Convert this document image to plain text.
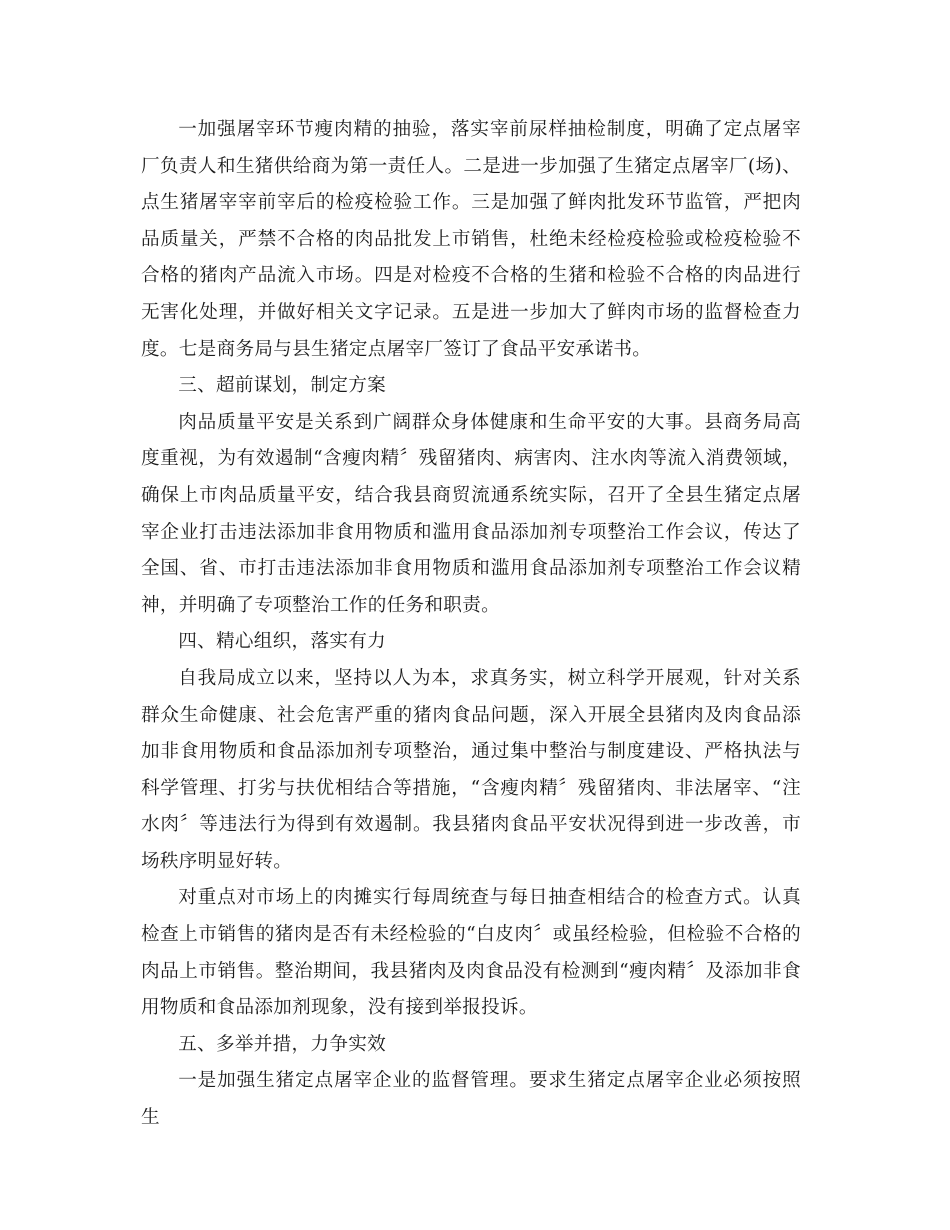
一加强屠宰环节瘦肉精的抽验，落实宰前尿样抽检制度，明确了定点屠宰厂负责人和生猪供给商为第一责任人。二是进一步加强了生猪定点屠宰厂(场)、点生猪屠宰宰前宰后的检疫检验工作。三是加强了鲜肉批发环节监管，严把肉品质量关，严禁不合格的肉品批发上市销售，杜绝未经检疫检验或检疫检验不合格的猪肉产品流入市场。四是对检疫不合格的生猪和检验不合格的肉品进行无害化处理，并做好相关文字记录。五是进一步加大了鲜肉市场的监督检查力度。七是商务局与县生猪定点屠宰厂签订了食品平安承诺书。

三、超前谋划，制定方案

肉品质量平安是关系到广阔群众身体健康和生命平安的大事。县商务局高度重视，为有效遏制“含瘦肉精〞残留猪肉、病害肉、注水肉等流入消费领域，确保上市肉品质量平安，结合我县商贸流通系统实际，召开了全县生猪定点屠宰企业打击违法添加非食用物质和滥用食品添加剂专项整治工作会议，传达了全国、省、市打击违法添加非食用物质和滥用食品添加剂专项整治工作会议精神，并明确了专项整治工作的任务和职责。

四、精心组织，落实有力

自我局成立以来，坚持以人为本，求真务实，树立科学开展观，针对关系群众生命健康、社会危害严重的猪肉食品问题，深入开展全县猪肉及肉食品添加非食用物质和食品添加剂专项整治，通过集中整治与制度建设、严格执法与科学管理、打劣与扶优相结合等措施，“含瘦肉精〞残留猪肉、非法屠宰、“注水肉〞等违法行为得到有效遏制。我县猪肉食品平安状况得到进一步改善，市场秩序明显好转。

对重点对市场上的肉摊实行每周统查与每日抽查相结合的检查方式。认真检查上市销售的猪肉是否有未经检验的“白皮肉〞或虽经检验，但检验不合格的肉品上市销售。整治期间，我县猪肉及肉食品没有检测到“瘦肉精〞及添加非食用物质和食品添加剂现象，没有接到举报投诉。

五、多举并措，力争实效

一是加强生猪定点屠宰企业的监督管理。要求生猪定点屠宰企业必须按照生
